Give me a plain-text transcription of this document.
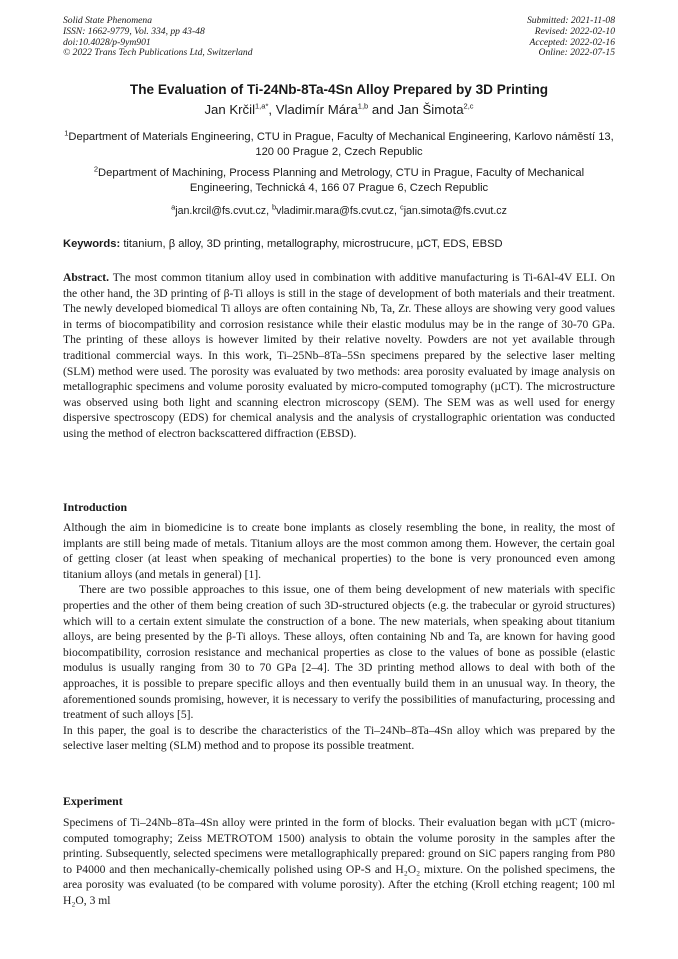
Solid State Phenomena
ISSN: 1662-9779, Vol. 334, pp 43-48
doi:10.4028/p-9ym901
© 2022 Trans Tech Publications Ltd, Switzerland
Submitted: 2021-11-08
Revised: 2022-02-10
Accepted: 2022-02-16
Online: 2022-07-15
The Evaluation of Ti-24Nb-8Ta-4Sn Alloy Prepared by 3D Printing
Jan Krčil$^{1,a*}$, Vladimír Mára$^{1,b}$ and Jan Šimota$^{2,c}$
$^1$Department of Materials Engineering, CTU in Prague, Faculty of Mechanical Engineering, Karlovo náměstí 13, 120 00 Prague 2, Czech Republic
$^2$Department of Machining, Process Planning and Metrology, CTU in Prague, Faculty of Mechanical Engineering, Technická 4, 166 07 Prague 6, Czech Republic
$^a$jan.krcil@fs.cvut.cz, $^b$vladimir.mara@fs.cvut.cz, $^c$jan.simota@fs.cvut.cz
Keywords: titanium, β alloy, 3D printing, metallography, microstrucure, µCT, EDS, EBSD
Abstract. The most common titanium alloy used in combination with additive manufacturing is Ti-6Al-4V ELI. On the other hand, the 3D printing of β-Ti alloys is still in the stage of development of both materials and their treatment. The newly developed biomedical Ti alloys are often containing Nb, Ta, Zr. These alloys are showing very good values in terms of biocompatibility and corrosion resistance while their elastic modulus may be in the range of 30-70 GPa. The printing of these alloys is however limited by their relative novelty. Powders are not yet available through traditional commercial ways. In this work, Ti–25Nb–8Ta–5Sn specimens prepared by the selective laser melting (SLM) method were used. The porosity was evaluated by two methods: area porosity evaluated by image analysis on metallographic specimens and volume porosity evaluated by micro-computed tomography (µCT). The microstructure was observed using both light and scanning electron microscopy (SEM). The SEM was as well used for energy dispersive spectroscopy (EDS) for chemical analysis and the analysis of crystallographic orientation was conducted using the method of electron backscattered diffraction (EBSD).
Introduction

Although the aim in biomedicine is to create bone implants as closely resembling the bone, in reality, the most of implants are still being made of metals. Titanium alloys are the most common among them. However, the certain goal of getting closer (at least when speaking of mechanical properties) to the bone is very pronounced even among titanium alloys (and metals in general) [1].

There are two possible approaches to this issue, one of them being development of new materials with specific properties and the other of them being creation of such 3D-structured objects (e.g. the trabecular or gyroid structures) which will to a certain extent simulate the construction of a bone. The new materials, when speaking about titanium alloys, are being presented by the β-Ti alloys. These alloys, often containing Nb and Ta, are known for having good biocompatibility, corrosion resistance and mechanical properties as close to the values of bone as possible (elastic modulus is usually ranging from 30 to 70 GPa [2–4]. The 3D printing method allows to deal with both of the approaches, it is possible to prepare specific alloys and then eventually build them in an unusual way. In theory, the aforementioned sounds promising, however, it is necessary to verify the possibilities of manufacturing, processing and treatment of such alloys [5].

In this paper, the goal is to describe the characteristics of the Ti–24Nb–8Ta–4Sn alloy which was prepared by the selective laser melting (SLM) method and to propose its possible treatment.

Experiment

Specimens of Ti–24Nb–8Ta–4Sn alloy were printed in the form of blocks. Their evaluation began with µCT (micro-computed tomography; Zeiss METROTOM 1500) analysis to obtain the volume porosity in the samples after the printing. Subsequently, selected specimens were metallographically prepared: ground on SiC papers ranging from P80 to P4000 and then mechanically-chemically polished using OP-S and H₂O₂ mixture. On the polished specimens, the area porosity was evaluated (to be compared with volume porosity). After the etching (Kroll etching reagent; 100 ml H₂O, 3 ml
